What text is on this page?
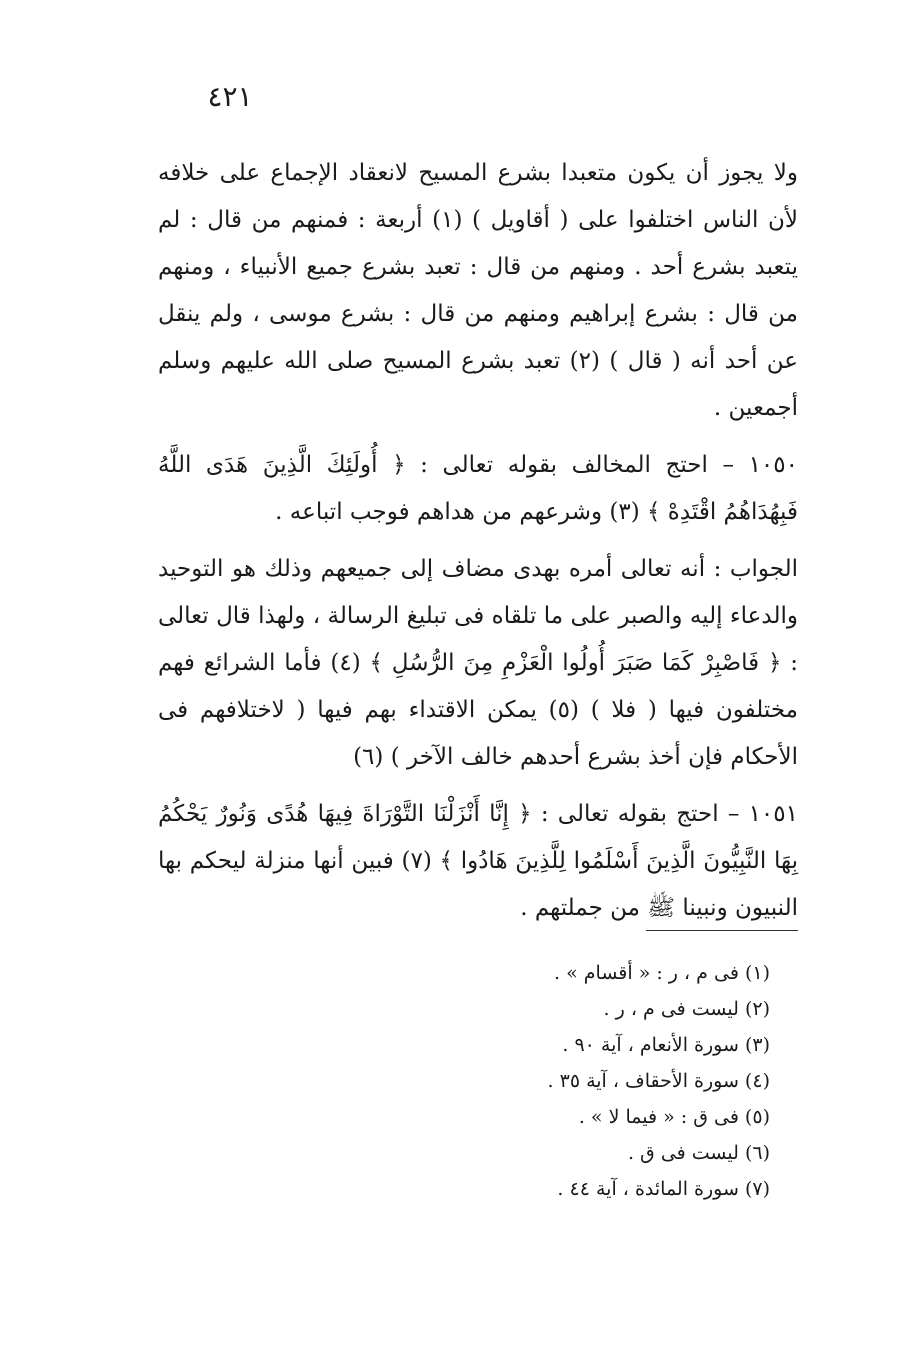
٤٢١

ولا يجوز أن يكون متعبدا بشرع المسيح لانعقاد الإجماع على خلافه لأن الناس اختلفوا على ( أقاويل ) (١) أربعة : فمنهم من قال : لم يتعبد بشرع أحد . ومنهم من قال : تعبد بشرع جميع الأنبياء ، ومنهم من قال : بشرع إبراهيم ومنهم من قال : بشرع موسى ، ولم ينقل عن أحد أنه ( قال ) (٢) تعبد بشرع المسيح صلى الله عليهم وسلم أجمعين .

١٠٥٠ – احتج المخالف بقوله تعالى : ﴿ أُولَئِكَ الَّذِينَ هَدَى اللَّهُ فَبِهُدَاهُمُ اقْتَدِهْ ﴾ (٣) وشرعهم من هداهم فوجب اتباعه .

الجواب : أنه تعالى أمره بهدى مضاف إلى جميعهم وذلك هو التوحيد والدعاء إليه والصبر على ما تلقاه فى تبليغ الرسالة ، ولهذا قال تعالى : ﴿ فَاصْبِرْ كَمَا صَبَرَ أُولُوا الْعَزْمِ مِنَ الرُّسُلِ ﴾ (٤) فأما الشرائع فهم مختلفون فيها ( فلا ) (٥) يمكن الاقتداء بهم فيها ( لاختلافهم فى الأحكام فإن أخذ بشرع أحدهم خالف الآخر ) (٦)

١٠٥١ – احتج بقوله تعالى : ﴿ إِنَّا أَنْزَلْنَا التَّوْرَاةَ فِيهَا هُدًى وَنُورٌ يَحْكُمُ بِهَا النَّبِيُّونَ الَّذِينَ أَسْلَمُوا لِلَّذِينَ هَادُوا ﴾ (٧) فبين أنها منزلة ليحكم بها النبيون ونبينا ﷺ من جملتهم .

(١) فى م ، ر : « أقسام » .
(٢) ليست فى م ، ر .
(٣) سورة الأنعام ، آية ٩٠ .
(٤) سورة الأحقاف ، آية ٣٥ .
(٥) فى ق : « فيما لا » .
(٦) ليست فى ق .
(٧) سورة المائدة ، آية ٤٤ .
